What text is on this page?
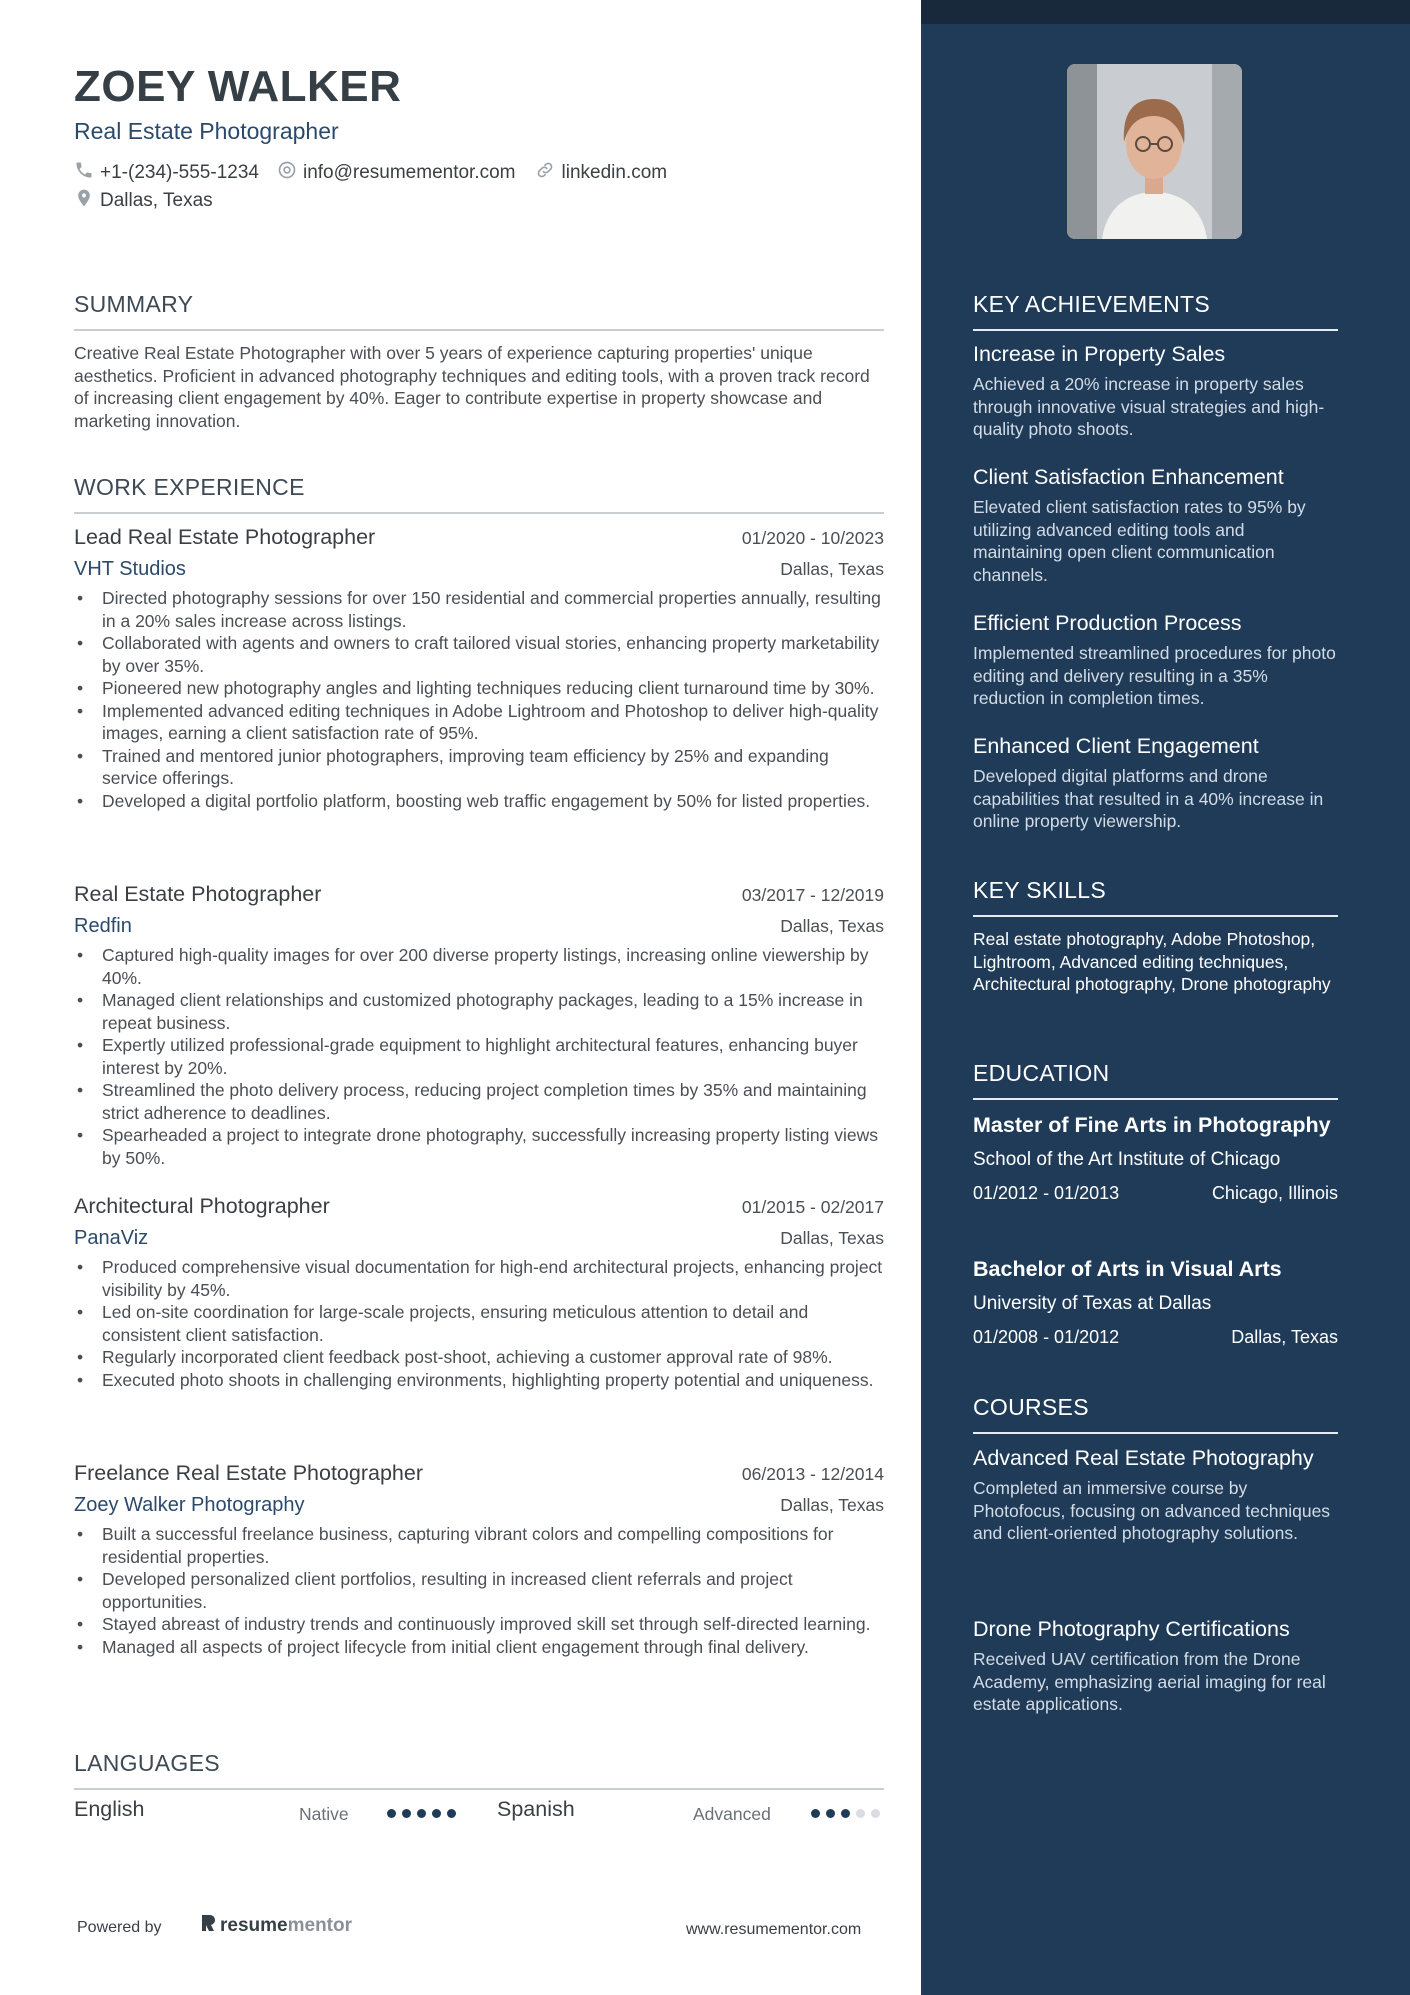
ZOEY WALKER
Real Estate Photographer
+1-(234)-555-1234 info@resumementor.com linkedin.com
Dallas, Texas
SUMMARY
Creative Real Estate Photographer with over 5 years of experience capturing properties' unique aesthetics. Proficient in advanced photography techniques and editing tools, with a proven track record of increasing client engagement by 40%. Eager to contribute expertise in property showcase and marketing innovation.
WORK EXPERIENCE
Lead Real Estate Photographer	01/2020 - 10/2023
VHT Studios	Dallas, Texas
• Directed photography sessions for over 150 residential and commercial properties annually, resulting in a 20% sales increase across listings.
• Collaborated with agents and owners to craft tailored visual stories, enhancing property marketability by over 35%.
• Pioneered new photography angles and lighting techniques reducing client turnaround time by 30%.
• Implemented advanced editing techniques in Adobe Lightroom and Photoshop to deliver high-quality images, earning a client satisfaction rate of 95%.
• Trained and mentored junior photographers, improving team efficiency by 25% and expanding service offerings.
• Developed a digital portfolio platform, boosting web traffic engagement by 50% for listed properties.
Real Estate Photographer	03/2017 - 12/2019
Redfin	Dallas, Texas
• Captured high-quality images for over 200 diverse property listings, increasing online viewership by 40%.
• Managed client relationships and customized photography packages, leading to a 15% increase in repeat business.
• Expertly utilized professional-grade equipment to highlight architectural features, enhancing buyer interest by 20%.
• Streamlined the photo delivery process, reducing project completion times by 35% and maintaining strict adherence to deadlines.
• Spearheaded a project to integrate drone photography, successfully increasing property listing views by 50%.
Architectural Photographer	01/2015 - 02/2017
PanaViz	Dallas, Texas
• Produced comprehensive visual documentation for high-end architectural projects, enhancing project visibility by 45%.
• Led on-site coordination for large-scale projects, ensuring meticulous attention to detail and consistent client satisfaction.
• Regularly incorporated client feedback post-shoot, achieving a customer approval rate of 98%.
• Executed photo shoots in challenging environments, highlighting property potential and uniqueness.
Freelance Real Estate Photographer	06/2013 - 12/2014
Zoey Walker Photography	Dallas, Texas
• Built a successful freelance business, capturing vibrant colors and compelling compositions for residential properties.
• Developed personalized client portfolios, resulting in increased client referrals and project opportunities.
• Stayed abreast of industry trends and continuously improved skill set through self-directed learning.
• Managed all aspects of project lifecycle from initial client engagement through final delivery.
LANGUAGES
English	Native	Spanish	Advanced
Powered by	resume mentor	www.resumementor.com
KEY ACHIEVEMENTS
Increase in Property Sales
Achieved a 20% increase in property sales through innovative visual strategies and high-quality photo shoots.
Client Satisfaction Enhancement
Elevated client satisfaction rates to 95% by utilizing advanced editing tools and maintaining open client communication channels.
Efficient Production Process
Implemented streamlined procedures for photo editing and delivery resulting in a 35% reduction in completion times.
Enhanced Client Engagement
Developed digital platforms and drone capabilities that resulted in a 40% increase in online property viewership.
KEY SKILLS
Real estate photography, Adobe Photoshop, Lightroom, Advanced editing techniques, Architectural photography, Drone photography
EDUCATION
Master of Fine Arts in Photography
School of the Art Institute of Chicago
01/2012 - 01/2013	Chicago, Illinois
Bachelor of Arts in Visual Arts
University of Texas at Dallas
01/2008 - 01/2012	Dallas, Texas
COURSES
Advanced Real Estate Photography
Completed an immersive course by Photofocus, focusing on advanced techniques and client-oriented photography solutions.
Drone Photography Certifications
Received UAV certification from the Drone Academy, emphasizing aerial imaging for real estate applications.
